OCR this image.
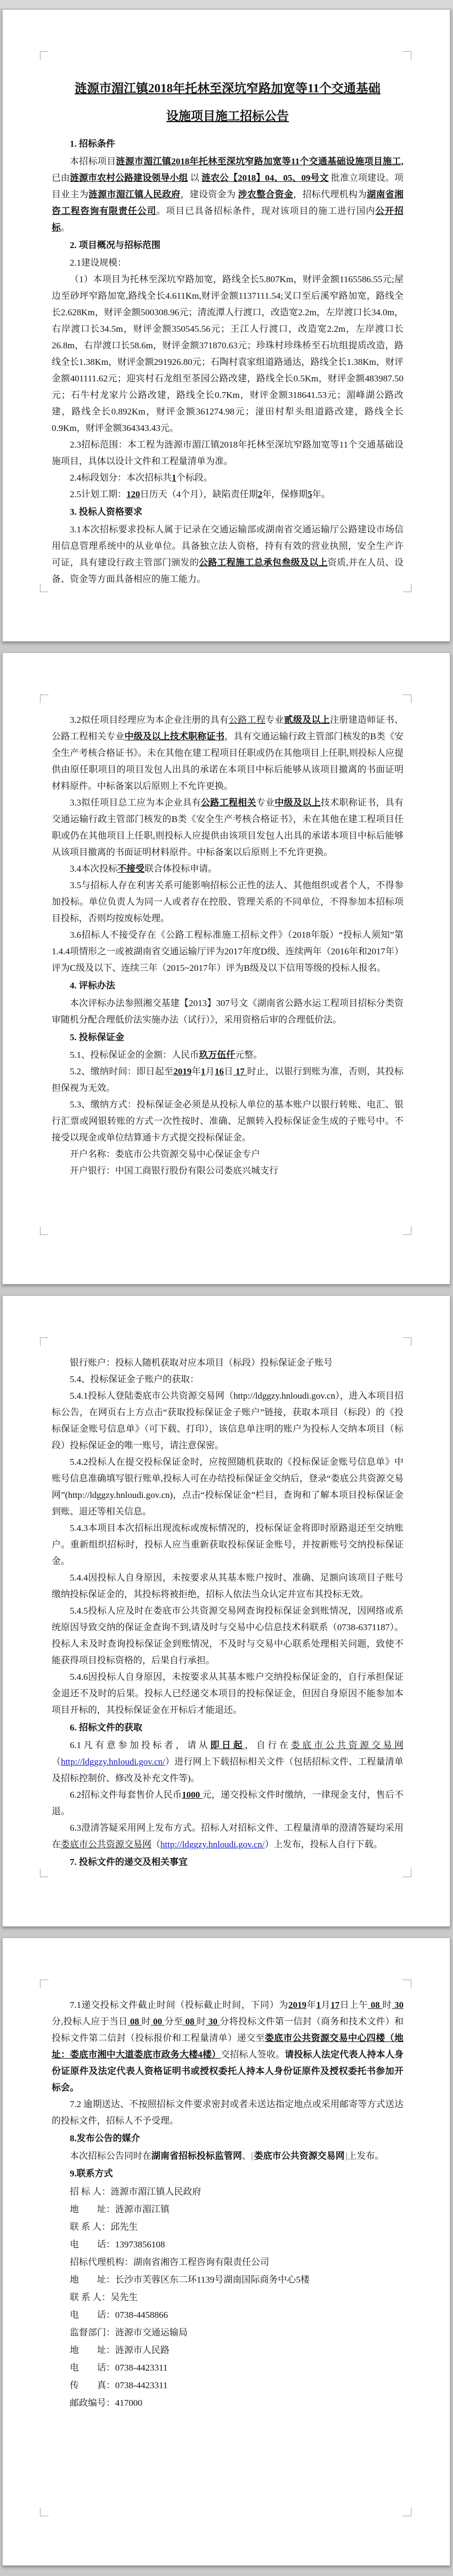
涟源市湄江镇2018年托林至深坑窄路加宽等11个交通基础
设施项目施工招标公告

1. 招标条件

本招标项目涟源市湄江镇2018年托林至深坑窄路加宽等11个交通基础设施项目施工,已由涟源市农村公路建设领导小组 以 涟农公【2018】04、05、09号文 批准立项建设。项目业主为涟源市湄江镇人民政府，建设资金为 涉农整合资金，招标代理机构为湖南省湘咨工程咨询有限责任公司。项目已具备招标条件，现对该项目的施工进行国内公开招标。

2. 项目概况与招标范围

2.1建设规模：

（1）本项目为托林至深坑窄路加宽，路线全长5.807Km，财评金额1165586.55元;屋边至砂坪窄路加宽,路线全长4.611Km,财评金额1137111.54;叉口至后溪窄路加宽，路线全长2.628Km，财评金额500308.96元；清流潭人行渡口，改造宽2.2m，左岸渡口长34.0m，右岸渡口长34.5m，财评金额350545.56元；王江人行渡口，改造宽2.2m，左岸渡口长26.8m，右岸渡口长58.6m，财评金额371870.63元；珍珠村珍珠桥至石坑组提质改造，路线全长1.38Km，财评金额291926.80元；石陶村袁家组道路通达，路线全长1.38Km，财评金额401111.62元；迎宾村石龙组至茶园公路改建，路线全长0.5Km，财评金额483987.50元；石牛村龙家片公路改建，路线全长0.7Km，财评金额318641.53元；湄峰湖公路改建，路线全长0.892Km，财评金额361274.98元；湴田村犁头组道路改建，路线全长0.9Km，财评金额364343.43元。

2.3招标范围：本工程为涟源市湄江镇2018年托林至深坑窄路加宽等11个交通基础设施项目，具体以设计文件和工程量清单为准。

2.4标段划分：本次招标共1个标段。

2.5计划工期：120日历天（4个月），缺陷责任期2年，保修期5年。

3. 投标人资格要求

3.1本次招标要求投标人属于记录在交通运输部或湖南省交通运输厅公路建设市场信用信息管理系统中的从业单位。具备独立法人资格，持有有效的营业执照，安全生产许可证，具有建设行政主管部门颁发的公路工程施工总承包叁级及以上资质,并在人员、设备、资金等方面具备相应的施工能力。

3.2拟任项目经理应为本企业注册的具有公路工程专业贰级及以上注册建造师证书、公路工程相关专业中级及以上技术职称证书，具有交通运输行政主管部门核发的B类《安全生产考核合格证书》。未在其他在建工程项目任职或仍在其他项目上任职,则投标人应提供由原任职项目的项目发包人出具的承诺在本项目中标后能够从该项目撤离的书面证明材料原件。中标备案以后原则上不允许更换。

3.3拟任项目总工应为本企业具有公路工程相关专业中级及以上技术职称证书，具有交通运输行政主管部门核发的B类《安全生产考核合格证书》，未在其他在建工程项目任职或仍在其他项目上任职,则投标人应提供由该项目发包人出具的承诺本项目中标后能够从该项目撤离的书面证明材料原件。中标备案以后原则上不允许更换。

3.4本次投标不接受联合体投标申请。

3.5与招标人存在利害关系可能影响招标公正性的法人、其他组织或者个人，不得参加投标。单位负责人为同一人或者存在控股、管理关系的不同单位，不得参加本招标项目投标，否则均按废标处理。

3.6招标人不接受存在《公路工程标准施工招标文件》（2018年版）“投标人须知”第1.4.4项情形之一或被湖南省交通运输厅评为2017年度D级、连续两年（2016年和2017年）评为C级及以下、连续三年（2015~2017年）评为B级及以下信用等级的投标人报名。

4. 评标办法

本次评标办法参照湘交基建【2013】307号文《湖南省公路水运工程项目招标分类资审随机分配合理低价法实施办法（试行）》，采用资格后审的合理低价法。

5. 投标保证金

5.1、投标保证金的金额：人民币玖万伍仟元整。

5.2、缴纳时间：即日起至2019年1月16日 17 时止，以银行到账为准，否则，其投标担保视为无效。

5.3、缴纳方式：投标保证金必须是从投标人单位的基本账户以银行转账、电汇、银行汇票或网银转账的方式一次性按时、准确、足额转入投标保证金生成的子账号中。不接受以现金或单位结算通卡方式提交投标保证金。

开户名称：娄底市公共资源交易中心保证金专户

开户银行：中国工商银行股份有限公司娄底兴城支行

银行账户：投标人随机获取对应本项目（标段）投标保证金子账号

5.4、投标保证金子账户的获取：

5.4.1投标人登陆娄底市公共资源交易网（http://ldggzy.hnloudi.gov.cn），进入本项目招标公告，在网页右上方点击“获取投标保证金子账户”链接，获取本项目（标段）的《投标保证金账号信息单》（可下载、打印），该信息单注明的账户为投标人交纳本项目（标段）投标保证金的唯一账号，请注意保密。

5.4.2投标人在提交投标保证金时，应按照随机获取的《投标保证金账号信息单》中账号信息准确填写银行账单,投标人可在办结投标保证金交纳后，登录“娄底公共资源交易网”(http://ldggzy.hnloudi.gov.cn)，点击“投标保证金”栏目，查询和了解本项目投标保证金到账、退还等相关信息。

5.4.3本项目本次招标出现流标或废标情况的，投标保证金将即时原路退还至交纳账户。重新组织招标时，投标人应当重新获取投标保证金账号，并按新账号交纳投标保证金。

5.4.4因投标人自身原因，未按要求从其基本账户按时、准确、足额向该项目子账号缴纳投标保证金的，其投标将被拒绝，招标人依法当众认定并宣布其投标无效。

5.4.5投标人应及时在娄底市公共资源交易网查询投标保证金到账情况，因网络或系统原因导致交纳的保证金查询不到,请及时与交易中心信息技术科联系（0738-6371187）。投标人未及时查询投标保证金到账情况，不及时与交易中心联系处理相关问题，致使不能获得项目投标资格的，后果自行承担。

5.4.6因投标人自身原因，未按要求从其基本账户交纳投标保证金的，自行承担保证金退还不及时的后果。投标人已经递交本项目的投标保证金，但因自身原因不能参加本项目开标的，其投标保证金在开标后才能退还。

6. 招标文件的获取

6.1凡有意参加投标者，请从即日起，自行在娄底市公共资源交易网（http://ldggzy.hnloudi.gov.cn/）进行网上下载招标相关文件（包括招标文件、工程量清单及招标控制价、修改及补充文件等)。

6.2招标文件每套售价人民币1000 元，递交投标文件时缴纳，一律现金支付，售后不退。

6.3澄清答疑采用网上发布方式。招标人对招标文件、工程量清单的澄清答疑均采用在娄底市公共资源交易网（http://ldggzy.hnloudi.gov.cn/）上发布，投标人自行下载。

7. 投标文件的递交及相关事宜

7.1递交投标文件截止时间（投标截止时间，下同）为2019年1月17日上午 08 时 30 分,投标人应于当日 08 时 00 分至 08 时 30 分将投标文件第一信封（商务和技术文件）和投标文件第二信封（投标报价和工程量清单）递交至娄底市公共资源交易中心四楼（地址：娄底市湘中大道娄底市政务大楼4楼）交招标人签收。请投标人法定代表人持本人身份证原件及法定代表人资格证明书或授权委托人持本人身份证原件及授权委托书参加开标会。

7.2 逾期送达、不按照招标文件要求密封或者未送达指定地点或采用邮寄等方式送达的投标文件，招标人不予受理。

8.发布公告的媒介

本次招标公告同时在湖南省招标投标监管网、[娄底市公共资源交易网]上发布。

9.联系方式

招 标 人：涟源市湄江镇人民政府

地　　址：涟源市湄江镇

联 系 人：邱先生

电　　话：13973856108

招标代理机构：湖南省湘咨工程咨询有限责任公司

地　　址：长沙市芙蓉区东二环1139号湖南国际商务中心5楼

联 系 人：吴先生

电　　话：0738-4458866

监督部门：涟源市交通运输局

地　　址：涟源市人民路

电　　话：0738-4423311

传　　真：0738-4423311

邮政编号：417000
